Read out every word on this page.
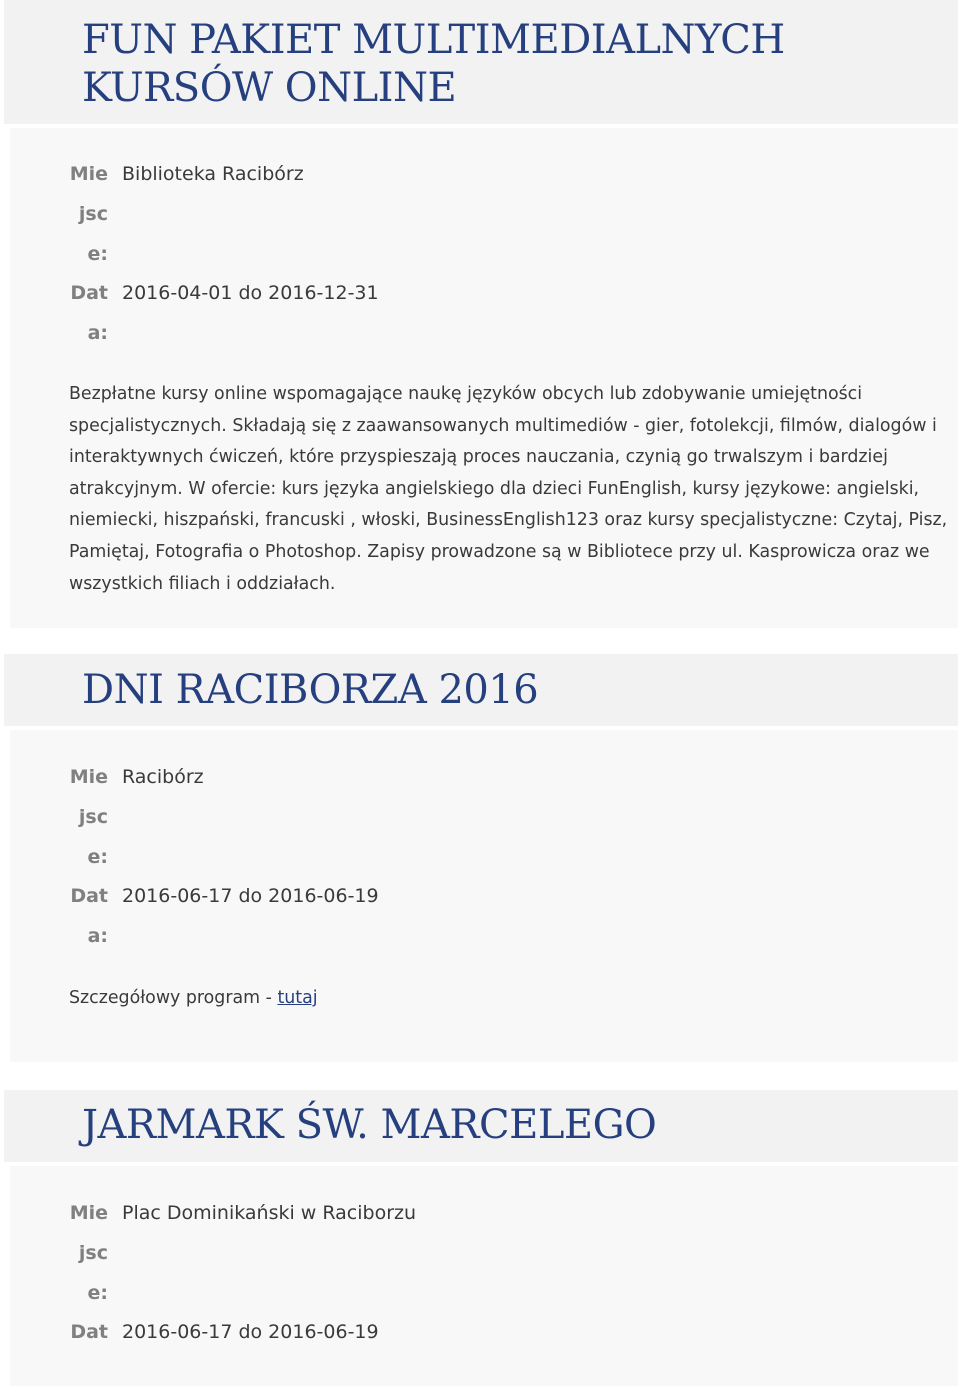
FUN PAKIET MULTIMEDIALNYCH KURSÓW ONLINE
Mie
jsc
e:
Biblioteka Racibórz
Dat
a:
2016-04-01 do 2016-12-31

Bezpłatne kursy online wspomagające naukę języków obcych lub zdobywanie umiejętności specjalistycznych. Składają się z zaawansowanych multimediów - gier, fotolekcji, filmów, dialogów i interaktywnych ćwiczeń, które przyspieszają proces nauczania, czynią go trwalszym i bardziej atrakcyjnym. W ofercie: kurs języka angielskiego dla dzieci FunEnglish, kursy językowe: angielski, niemiecki, hiszpański, francuski , włoski, BusinessEnglish123 oraz kursy specjalistyczne: Czytaj, Pisz, Pamiętaj, Fotografia o Photoshop. Zapisy prowadzone są w Bibliotece przy ul. Kasprowicza oraz we wszystkich filiach i oddziałach.

DNI RACIBORZA 2016
Mie
jsc
e:
Racibórz
Dat
a:
2016-06-17 do 2016-06-19

Szczegółowy program - tutaj

JARMARK ŚW. MARCELEGO
Mie
jsc
e:
Plac Dominikański w Raciborzu
Dat 2016-06-17 do 2016-06-19
